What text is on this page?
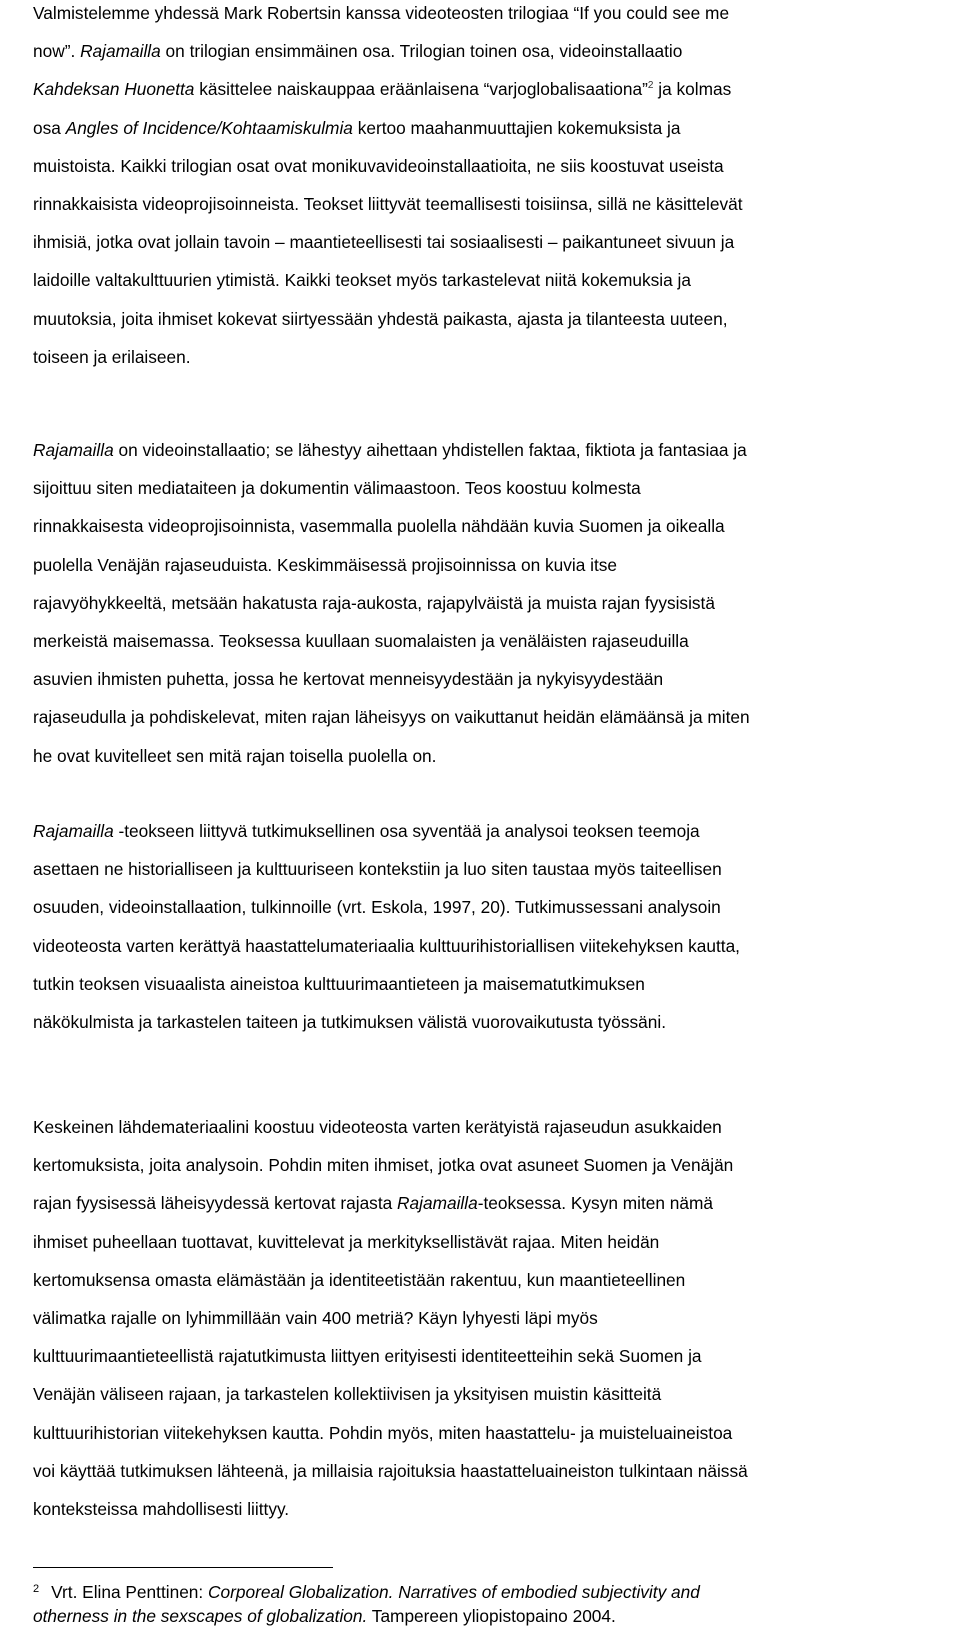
Valmistelemme yhdessä Mark Robertsin kanssa videoteosten trilogiaa “If you could see me
now”. Rajamailla on trilogian ensimmäinen osa. Trilogian toinen osa, videoinstallaatio
Kahdeksan Huonetta käsittelee naiskauppaa eräänlaisena “varjoglobalisaationa”$^2$ ja kolmas
osa Angles of Incidence/Kohtaamiskulmia kertoo maahanmuuttajien kokemuksista ja
muistoista. Kaikki trilogian osat ovat monikuvavideoinstallaatioita, ne siis koostuvat useista
rinnakkaisista videoprojisoinneista. Teokset liittyvät teemallisesti toisiinsa, sillä ne käsittelevät
ihmisiä, jotka ovat jollain tavoin – maantieteellisesti tai sosiaalisesti – paikantuneet sivuun ja
laidoille valtakulttuurien ytimistä. Kaikki teokset myös tarkastelevat niitä kokemuksia ja
muutoksia, joita ihmiset kokevat siirtyessään yhdestä paikasta, ajasta ja tilanteesta uuteen,
toiseen ja erilaiseen.

Rajamailla on videoinstallaatio; se lähestyy aihettaan yhdistellen faktaa, fiktiota ja fantasiaa ja
sijoittuu siten mediataiteen ja dokumentin välimaastoon. Teos koostuu kolmesta
rinnakkaisesta videoprojisoinnista, vasemmalla puolella nähdään kuvia Suomen ja oikealla
puolella Venäjän rajaseuduista. Keskimmäisessä projisoinnissa on kuvia itse
rajavyöhykkeeltä, metsään hakatusta raja-aukosta, rajapylväistä ja muista rajan fyysisistä
merkeistä maisemassa. Teoksessa kuullaan suomalaisten ja venäläisten rajaseuduilla
asuvien ihmisten puhetta, jossa he kertovat menneisyydestään ja nykyisyydestään
rajaseudulla ja pohdiskelevat, miten rajan läheisyys on vaikuttanut heidän elämäänsä ja miten
he ovat kuvitelleet sen mitä rajan toisella puolella on.

Rajamailla -teokseen liittyvä tutkimuksellinen osa syventää ja analysoi teoksen teemoja
asettaen ne historialliseen ja kulttuuriseen kontekstiin ja luo siten taustaa myös taiteellisen
osuuden, videoinstallaation, tulkinnoille (vrt. Eskola, 1997, 20). Tutkimussessani analysoin
videoteosta varten kerättyä haastattelumateriaalia kulttuurihistoriallisen viitekehyksen kautta,
tutkin teoksen visuaalista aineistoa kulttuurimaantieteen ja maisematutkimuksen
näkökulmista ja tarkastelen taiteen ja tutkimuksen välistä vuorovaikutusta työssäni.

Keskeinen lähdemateriaalini koostuu videoteosta varten kerätyistä rajaseudun asukkaiden
kertomuksista, joita analysoin. Pohdin miten ihmiset, jotka ovat asuneet Suomen ja Venäjän
rajan fyysisessä läheisyydessä kertovat rajasta Rajamailla-teoksessa. Kysyn miten nämä
ihmiset puheellaan tuottavat, kuvittelevat ja merkityksellistävät rajaa. Miten heidän
kertomuksensa omasta elämästään ja identiteetistään rakentuu, kun maantieteellinen
välimatka rajalle on lyhimmillään vain 400 metriä? Käyn lyhyesti läpi myös
kulttuurimaantieteellistä rajatutkimusta liittyen erityisesti identiteetteihin sekä Suomen ja
Venäjän väliseen rajaan, ja tarkastelen kollektiivisen ja yksityisen muistin käsitteitä
kulttuurihistorian viitekehyksen kautta. Pohdin myös, miten haastattelu- ja muisteluaineistoa
voi käyttää tutkimuksen lähteenä, ja millaisia rajoituksia haastatteluaineiston tulkintaan näissä
konteksteissa mahdollisesti liittyy.

$^2$ Vrt. Elina Penttinen: Corporeal Globalization. Narratives of embodied subjectivity and
otherness in the sexscapes of globalization. Tampereen yliopistopaino 2004.
